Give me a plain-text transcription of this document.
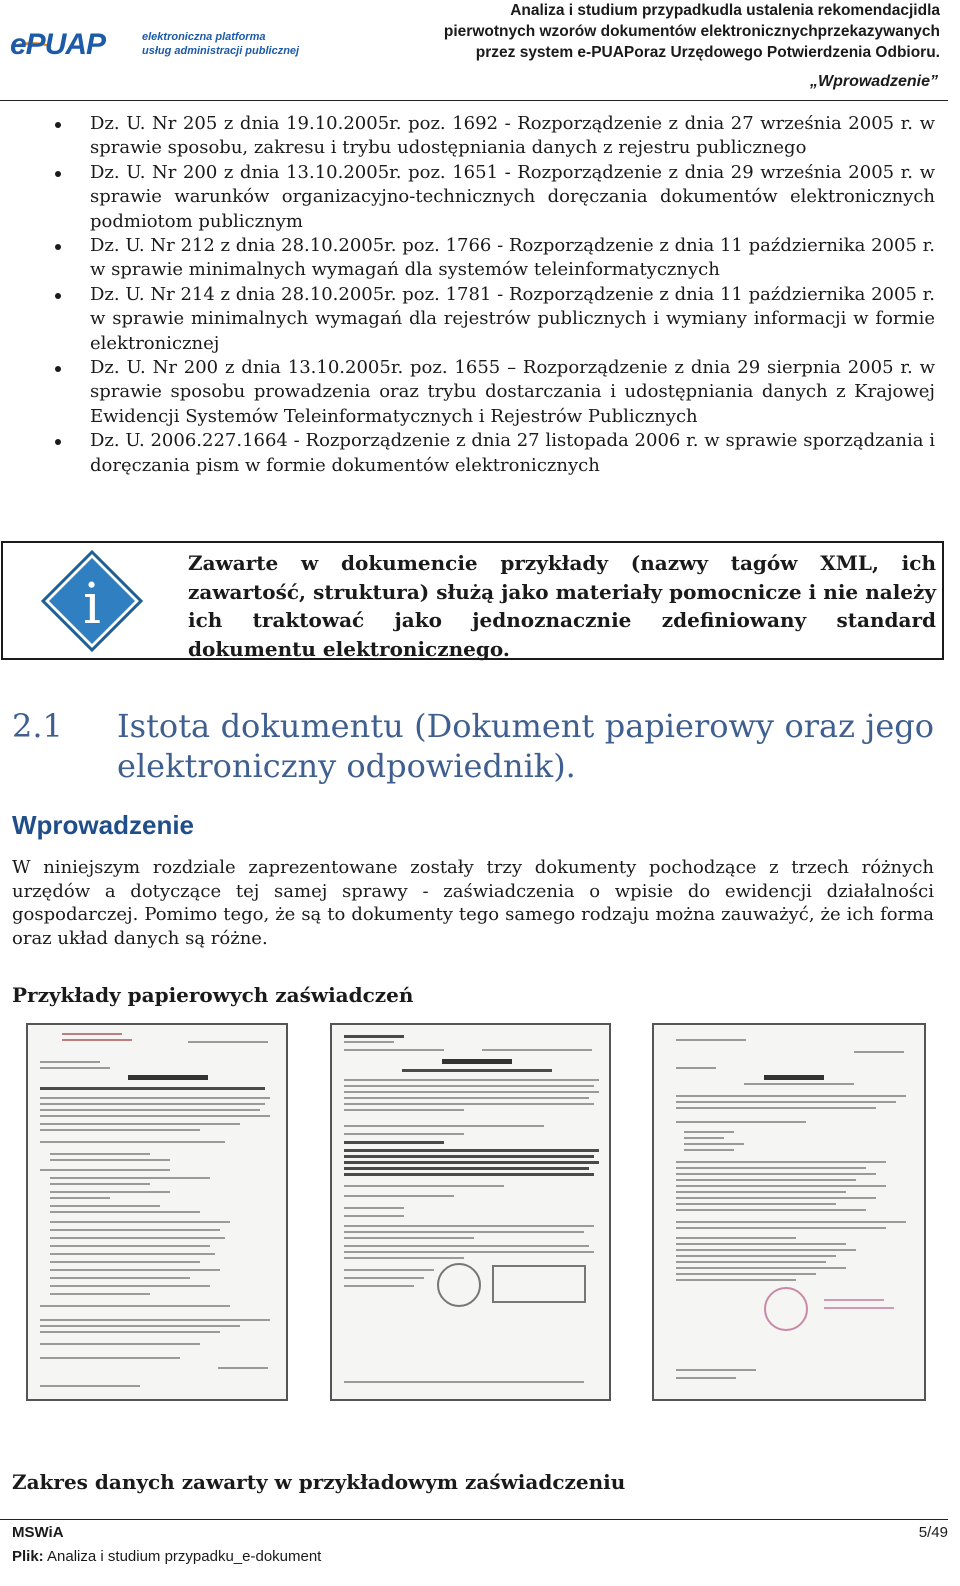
ePUAP	elektroniczna platforma
usług administracji publicznej
Analiza i studium przypadkudla ustalenia rekomendacjidla
pierwotnych wzorów dokumentów elektronicznychprzekazywanych
przez system e-PUAPoraz Urzędowego Potwierdzenia Odbioru.
„Wprowadzenie”
Dz. U. Nr 205 z dnia 19.10.2005r. poz. 1692 - Rozporządzenie z dnia 27 września 2005 r. w sprawie sposobu, zakresu i trybu udostępniania danych z rejestru publicznego
Dz. U. Nr 200 z dnia 13.10.2005r. poz. 1651 - Rozporządzenie z dnia 29 września 2005 r. w sprawie warunków organizacyjno-technicznych doręczania dokumentów elektronicznych podmiotom publicznym
Dz. U. Nr 212 z dnia 28.10.2005r. poz. 1766 - Rozporządzenie z dnia 11 października 2005 r. w sprawie minimalnych wymagań dla systemów teleinformatycznych
Dz. U. Nr 214 z dnia 28.10.2005r. poz. 1781 - Rozporządzenie z dnia 11 października 2005 r. w sprawie minimalnych wymagań dla rejestrów publicznych i wymiany informacji w formie elektronicznej
Dz. U. Nr 200 z dnia 13.10.2005r. poz. 1655 – Rozporządzenie z dnia 29 sierpnia 2005 r. w sprawie sposobu prowadzenia oraz trybu dostarczania i udostępniania danych z Krajowej Ewidencji Systemów Teleinformatycznych i Rejestrów Publicznych
Dz. U. 2006.227.1664 - Rozporządzenie z dnia 27 listopada 2006 r. w sprawie sporządzania i doręczania pism w formie dokumentów elektronicznych
i
Zawarte w dokumencie przykłady (nazwy tagów XML, ich zawartość, struktura) służą jako materiały pomocnicze i nie należy ich traktować jako jednoznacznie zdefiniowany standard dokumentu elektronicznego.
2.1 Istota dokumentu (Dokument papierowy oraz jego elektroniczny odpowiednik).
Wprowadzenie
W niniejszym rozdziale zaprezentowane zostały trzy dokumenty pochodzące z trzech różnych urzędów a dotyczące tej samej sprawy - zaświadczenia o wpisie do ewidencji działalności gospodarczej. Pomimo tego, że są to dokumenty tego samego rodzaju można zauważyć, że ich forma oraz układ danych są różne.
Przykłady papierowych zaświadczeń
Zakres danych zawarty w przykładowym zaświadczeniu
MSWiA	5/49
Plik: Analiza i studium przypadku_e-dokument
